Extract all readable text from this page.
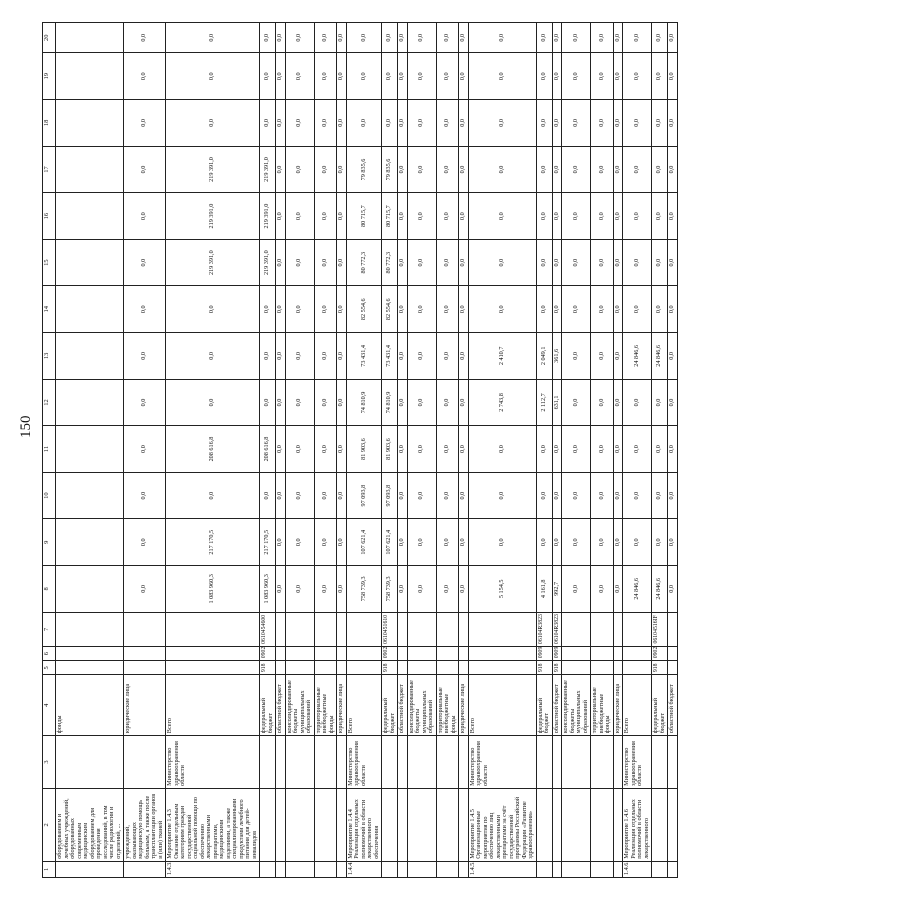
150
1	2	3	4	5	6	7	8	9	10	11	12	13	14	15	16	17	18	19	20
	оборудованием и лечебных учреждений, оборудованных современным медицинским оборудованием для проведения исследований, в том числе радиологии и отделений, ...		фонды																
	учреждений, оказывающих медицинскую помощь больным, а также после трансплантации органов и (или) тканей		юридические лица				0,0	0,0	0,0	0,0	0,0	0,0	0,0	0,0	0,0	0,0	0,0	0,0	0,0
1.4.3.	Мероприятие 1.4.3 Оказание отдельным категориям граждан государственной социальной помощи по обеспечению лекарственными препаратами, медицинскими изделиями, а также специализированными продуктами лечебного питания для детей-инвалидов	Министерство здравоохранения области	Всего				1 083 960,3	217 170,5	0,0	208 616,8	0,0	0,0	0,0	219 391,0	219 391,0	219 391,0	0,0	0,0	0,0
			федеральный бюджет	918	0902	0610454600	1 083 960,3	217 170,5	0,0	208 616,8	0,0	0,0	0,0	219 391,0	219 391,0	219 391,0	0,0	0,0	0,0
			областной бюджет				0,0	0,0	0,0	0,0	0,0	0,0	0,0	0,0	0,0	0,0	0,0	0,0	0,0
			консолидированные бюджеты муниципальных образований				0,0	0,0	0,0	0,0	0,0	0,0	0,0	0,0	0,0	0,0	0,0	0,0	0,0
			территориальные внебюджетные фонды				0,0	0,0	0,0	0,0	0,0	0,0	0,0	0,0	0,0	0,0	0,0	0,0	0,0
			юридические лица				0,0	0,0	0,0	0,0	0,0	0,0	0,0	0,0	0,0	0,0	0,0	0,0	0,0
1.4.4.	Мероприятие 1.4.4 Реализация отдельных полномочий в области лекарственного обеспечения	Министерство здравоохранения области	Всего				758 739,3	107 621,4	97 093,8	81 903,6	74 810,9	73 431,4	82 554,6	80 772,3	80 715,7	79 835,6	0,0	0,0	0,0
			федеральный бюджет	918	0902	0610451610	758 739,3	107 621,4	97 093,8	81 903,6	74 810,9	73 431,4	82 554,6	80 772,3	80 715,7	79 835,6	0,0	0,0	0,0
			областной бюджет				0,0	0,0	0,0	0,0	0,0	0,0	0,0	0,0	0,0	0,0	0,0	0,0	0,0
			консолидированные бюджеты муниципальных образований				0,0	0,0	0,0	0,0	0,0	0,0	0,0	0,0	0,0	0,0	0,0	0,0	0,0
			территориальные внебюджетные фонды				0,0	0,0	0,0	0,0	0,0	0,0	0,0	0,0	0,0	0,0	0,0	0,0	0,0
			юридические лица				0,0	0,0	0,0	0,0	0,0	0,0	0,0	0,0	0,0	0,0	0,0	0,0	0,0
1.4.5.	Мероприятие 1.4.5 Организационные мероприятия по обеспечению лиц лекарственными препаратами за счёт государственной программы Российской Федерации «Развитие здравоохранения»	Министерство здравоохранения области	Всего				5 154,5	0,0	0,0	0,0	2 743,8	2 410,7	0,0	0,0	0,0	0,0	0,0	0,0	0,0
			федеральный бюджет	918	0909	06104R3823	4 161,8	0,0	0,0	0,0	2 112,7	2 049,1	0,0	0,0	0,0	0,0	0,0	0,0	0,0
			областной бюджет	918	0909	06104R3823	992,7	0,0	0,0	0,0	631,1	361,6	0,0	0,0	0,0	0,0	0,0	0,0	0,0
			консолидированные бюджеты муниципальных образований				0,0	0,0	0,0	0,0	0,0	0,0	0,0	0,0	0,0	0,0	0,0	0,0	0,0
			территориальные внебюджетные фонды				0,0	0,0	0,0	0,0	0,0	0,0	0,0	0,0	0,0	0,0	0,0	0,0	0,0
			юридические лица				0,0	0,0	0,0	0,0	0,0	0,0	0,0	0,0	0,0	0,0	0,0	0,0	0,0
1.4.6.	Мероприятие 1.4.6 Реализация отдельных полномочий в области лекарственного	Министерство здравоохранения области	Всего				24 846,6	0,0	0,0	0,0	0,0	24 846,6	0,0	0,0	0,0	0,0	0,0	0,0	0,0
			федеральный бюджет	918	0902	06104516IF	24 846,6	0,0	0,0	0,0	0,0	24 846,6	0,0	0,0	0,0	0,0	0,0	0,0	0,0
			областной бюджет				0,0	0,0	0,0	0,0	0,0	0,0	0,0	0,0	0,0	0,0	0,0	0,0	0,0
